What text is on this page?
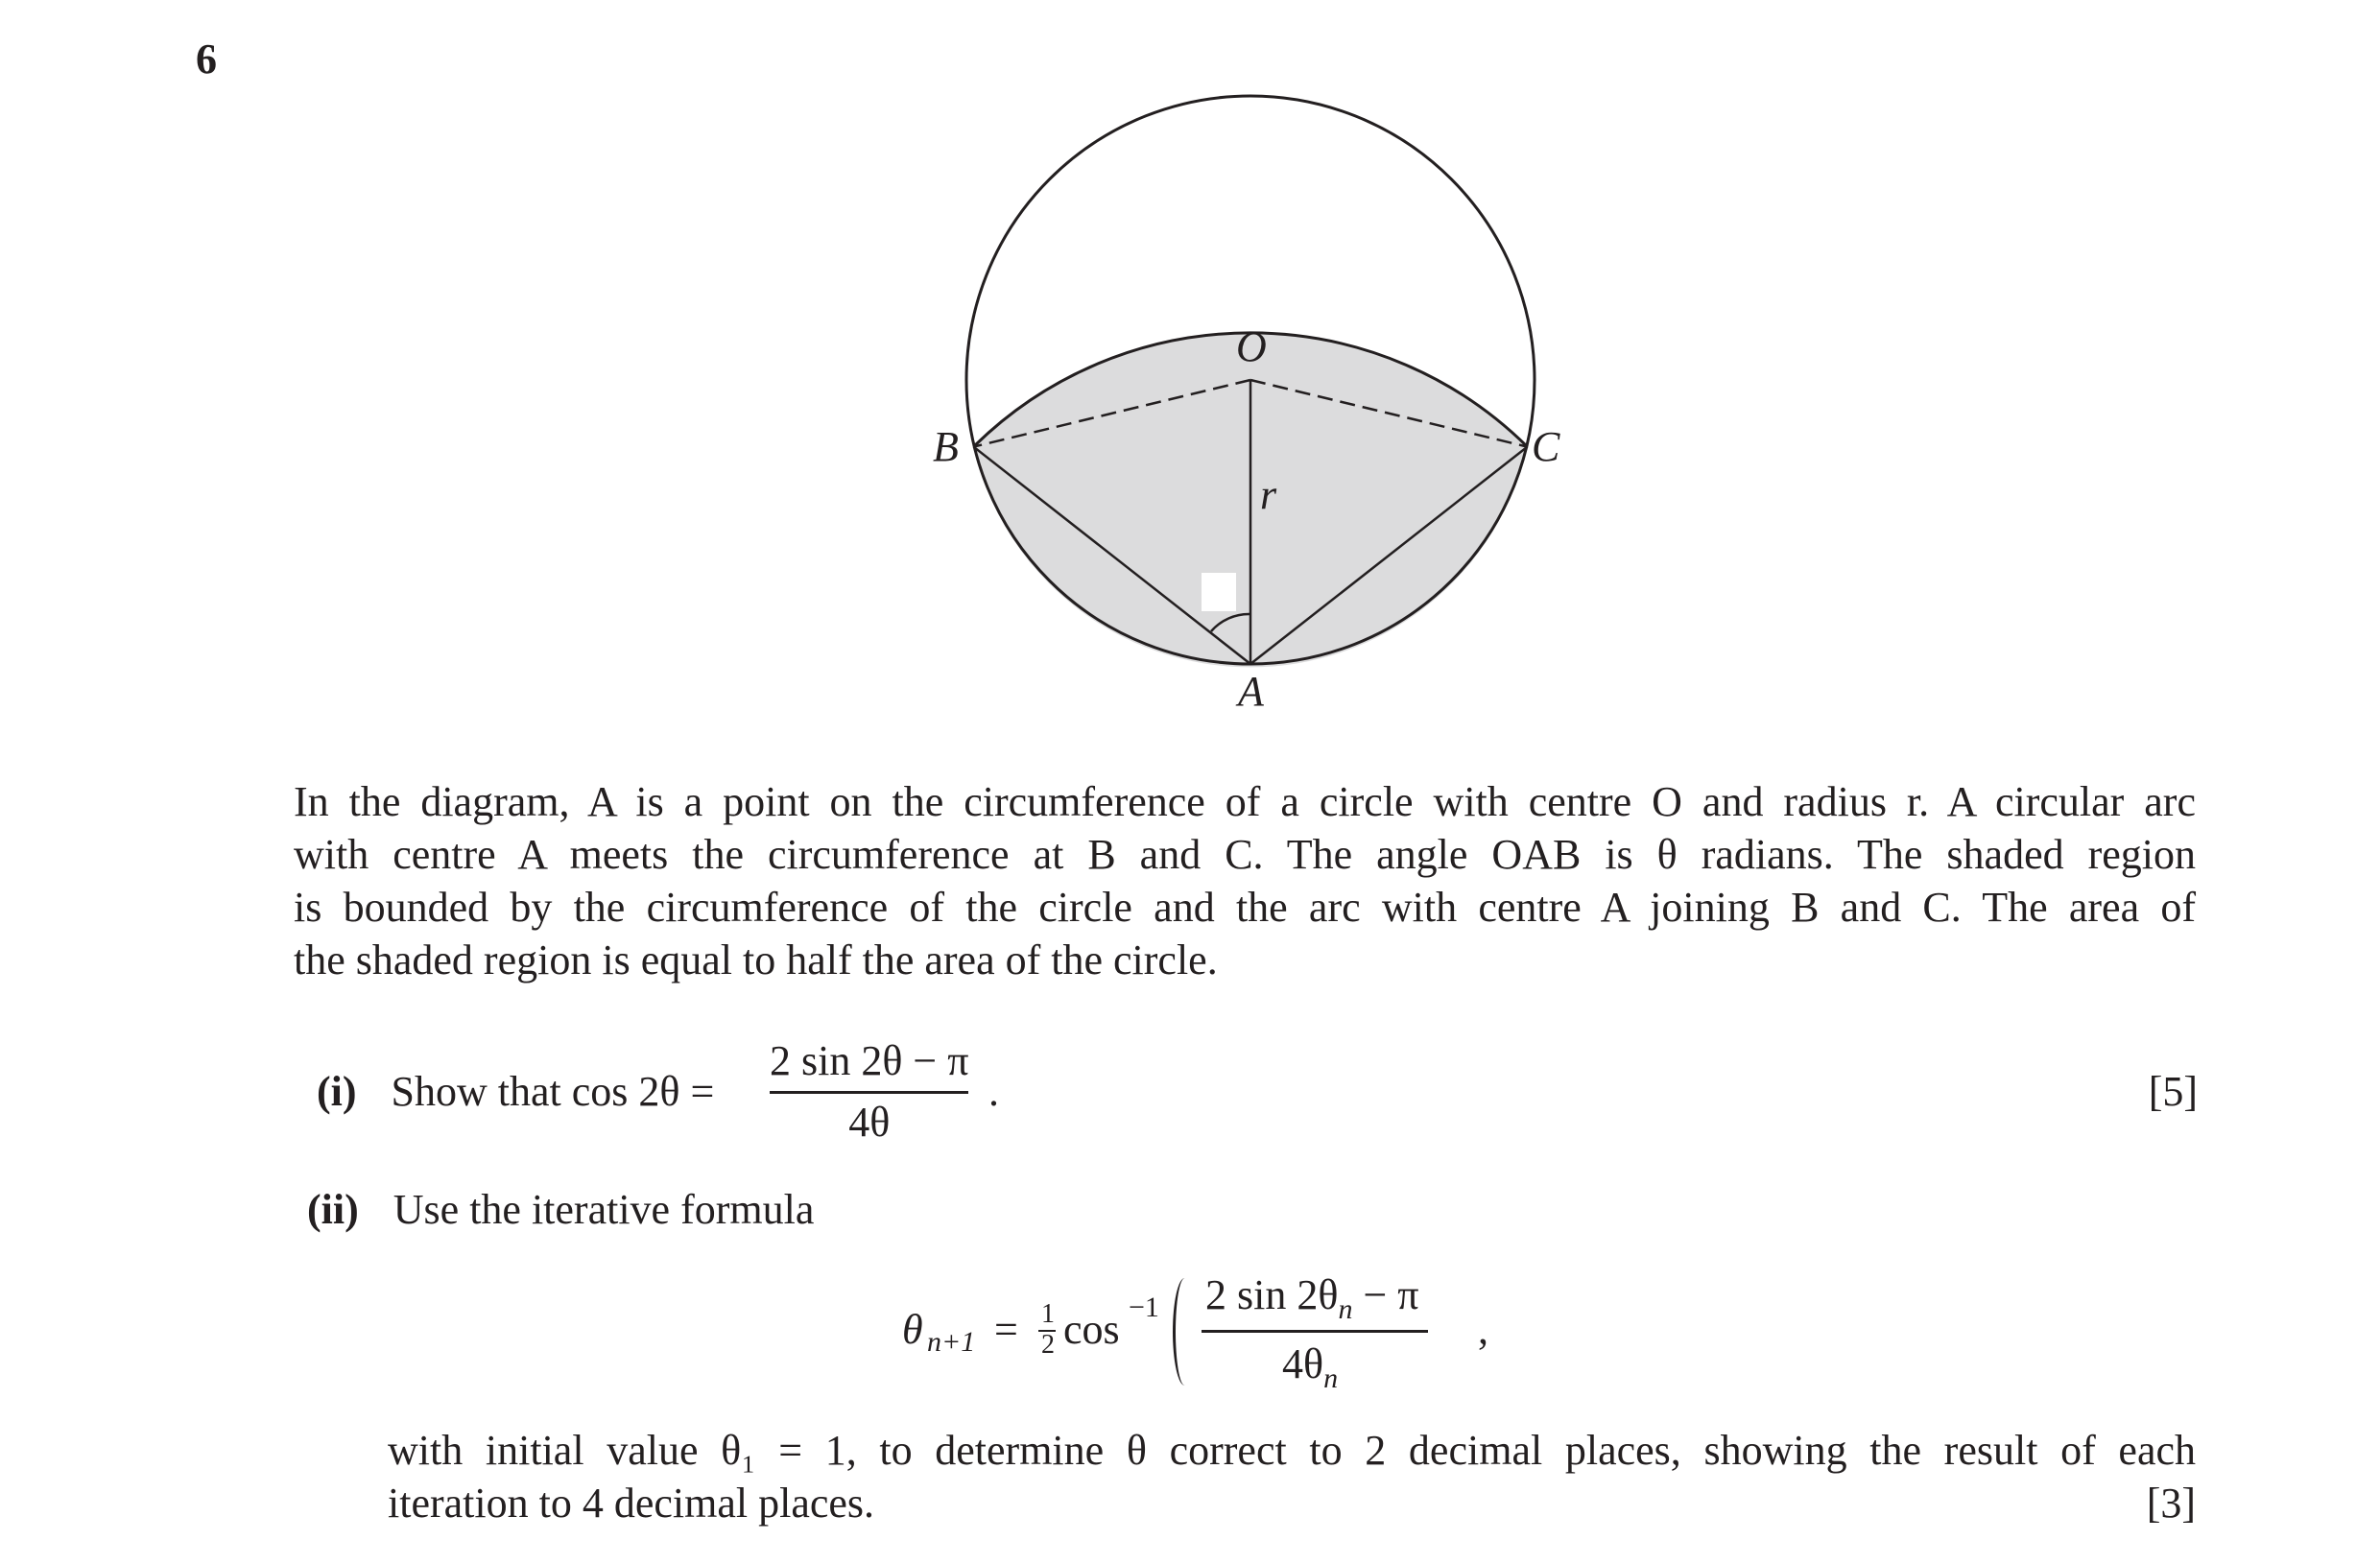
6
O
B	C
r
A
In the diagram, A is a point on the circumference of a circle with centre O and radius r. A circular arc
with centre A meets the circumference at B and C. The angle OAB is θ radians. The shaded region
is bounded by the circumference of the circle and the arc with centre A joining B and C. The area of
the shaded region is equal to half the area of the circle.
(i) Show that cos 2θ =
2 sin 2θ − π
4θ
.	[5]
(ii) Use the iterative formula
θ n+1 = 1
2 cos −1 2 $\sin 2\theta_n - \pi$
$4\theta_n$
,
with initial value θ₁ = 1, to determine θ correct to 2 decimal places, showing the result of each
iteration to 4 decimal places.	[3]
